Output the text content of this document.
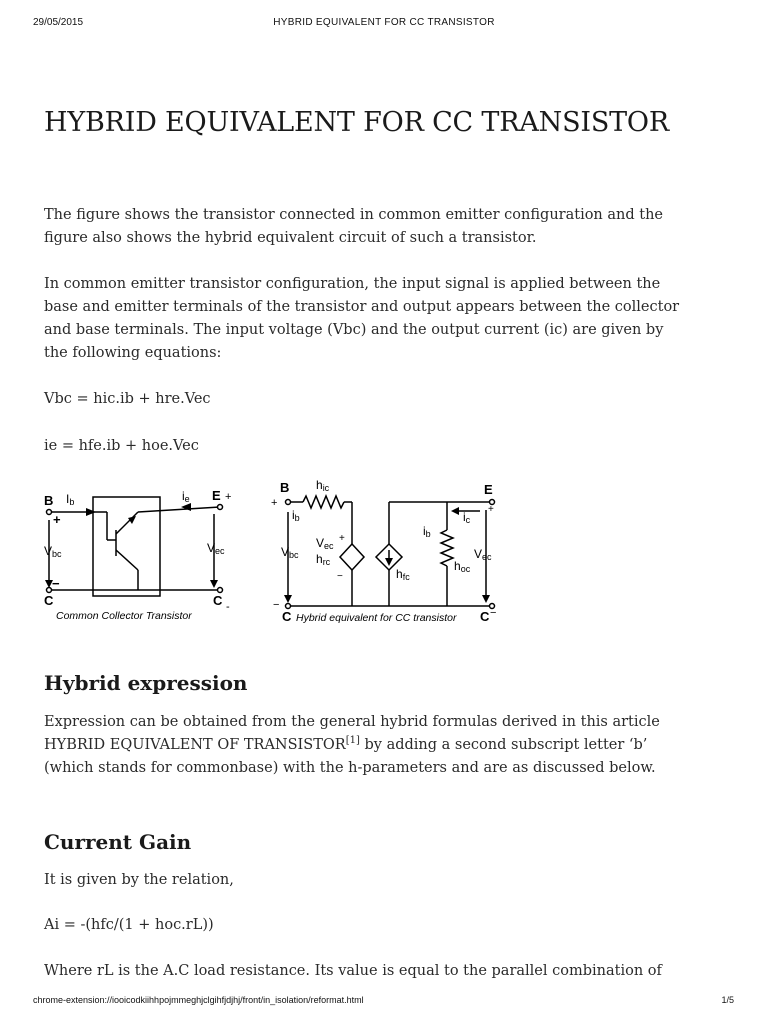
29/05/2015	HYBRID EQUIVALENT FOR CC TRANSISTOR
HYBRID EQUIVALENT FOR CC TRANSISTOR

The figure shows the transistor connected in common emitter configuration and the figure also shows the hybrid equivalent circuit of such a transistor.

In common emitter transistor configuration, the input signal is applied between the base and emitter terminals of the transistor and output appears between the collector and base terminals. The input voltage (Vbc) and the output current (ic) are given by the following equations:

Vbc = hic.ib + hre.Vec

ie = hfe.ib + hoe.Vec

B Ib	ie E +
+
Vbc	Vec
−
C	C -
Common Collector Transistor
B	E
hic
+
ib
Vbc
Vec
+
hrc
−	hfc
ib
ic
+
hoc
Vec
−
−
C	C
Hybrid equivalent for CC transistor
Hybrid expression

Expression can be obtained from the general hybrid formulas derived in this article HYBRID EQUIVALENT OF TRANSISTOR[1] by adding a second subscript letter ‘b’ (which stands for commonbase) with the h-parameters and are as discussed below.

Current Gain

It is given by the relation,

Ai = -(hfc/(1 + hoc.rL))

Where rL is the A.C load resistance. Its value is equal to the parallel combination of

chrome-extension://iooicodkiihhpojmmeghjclgihfjdjhj/front/in_isolation/reformat.html	1/5
